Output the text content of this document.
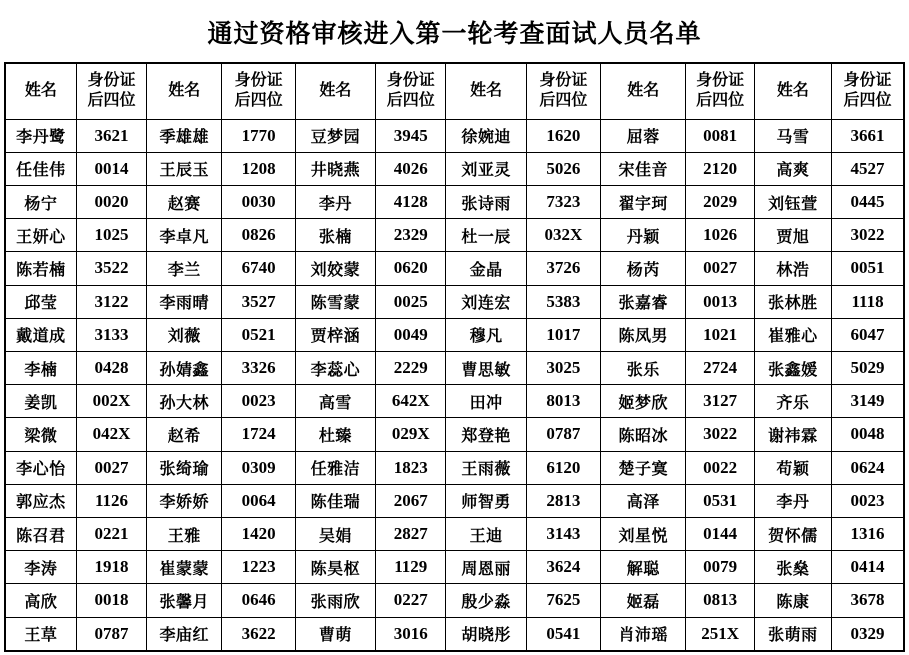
通过资格审核进入第一轮考查面试人员名单
姓名	身份证后四位	姓名	身份证后四位	姓名	身份证后四位	姓名	身份证后四位	姓名	身份证后四位	姓名	身份证后四位
李丹鹭	3621	季雄雄	1770	豆梦园	3945	徐婉迪	1620	屈蓉	0081	马雪	3661
任佳伟	0014	王辰玉	1208	井晓燕	4026	刘亚灵	5026	宋佳音	2120	高爽	4527
杨宁	0020	赵赛	0030	李丹	4128	张诗雨	7323	翟宇珂	2029	刘钰萱	0445
王妍心	1025	李卓凡	0826	张楠	2329	杜一辰	032X	丹颖	1026	贾旭	3022
陈若楠	3522	李兰	6740	刘姣蒙	0620	金晶	3726	杨芮	0027	林浩	0051
邱莹	3122	李雨晴	3527	陈雪蒙	0025	刘连宏	5383	张嘉睿	0013	张林胜	1118
戴道成	3133	刘薇	0521	贾梓涵	0049	穆凡	1017	陈凤男	1021	崔雅心	6047
李楠	0428	孙婧鑫	3326	李蕊心	2229	曹思敏	3025	张乐	2724	张鑫媛	5029
姜凯	002X	孙大林	0023	高雪	642X	田冲	8013	姬梦欣	3127	齐乐	3149
梁微	042X	赵希	1724	杜臻	029X	郑登艳	0787	陈昭冰	3022	谢祎霖	0048
李心怡	0027	张绮瑜	0309	任雅洁	1823	王雨薇	6120	楚子寞	0022	苟颖	0624
郭应杰	1126	李娇娇	0064	陈佳瑞	2067	师智勇	2813	高泽	0531	李丹	0023
陈召君	0221	王雅	1420	吴娟	2827	王迪	3143	刘星悦	0144	贺怀儒	1316
李涛	1918	崔蒙蒙	1223	陈昊枢	1129	周恩丽	3624	解聪	0079	张燊	0414
高欣	0018	张馨月	0646	张雨欣	0227	殷少淼	7625	姬磊	0813	陈康	3678
王草	0787	李庙红	3622	曹萌	3016	胡晓彤	0541	肖沛瑶	251X	张萌雨	0329
